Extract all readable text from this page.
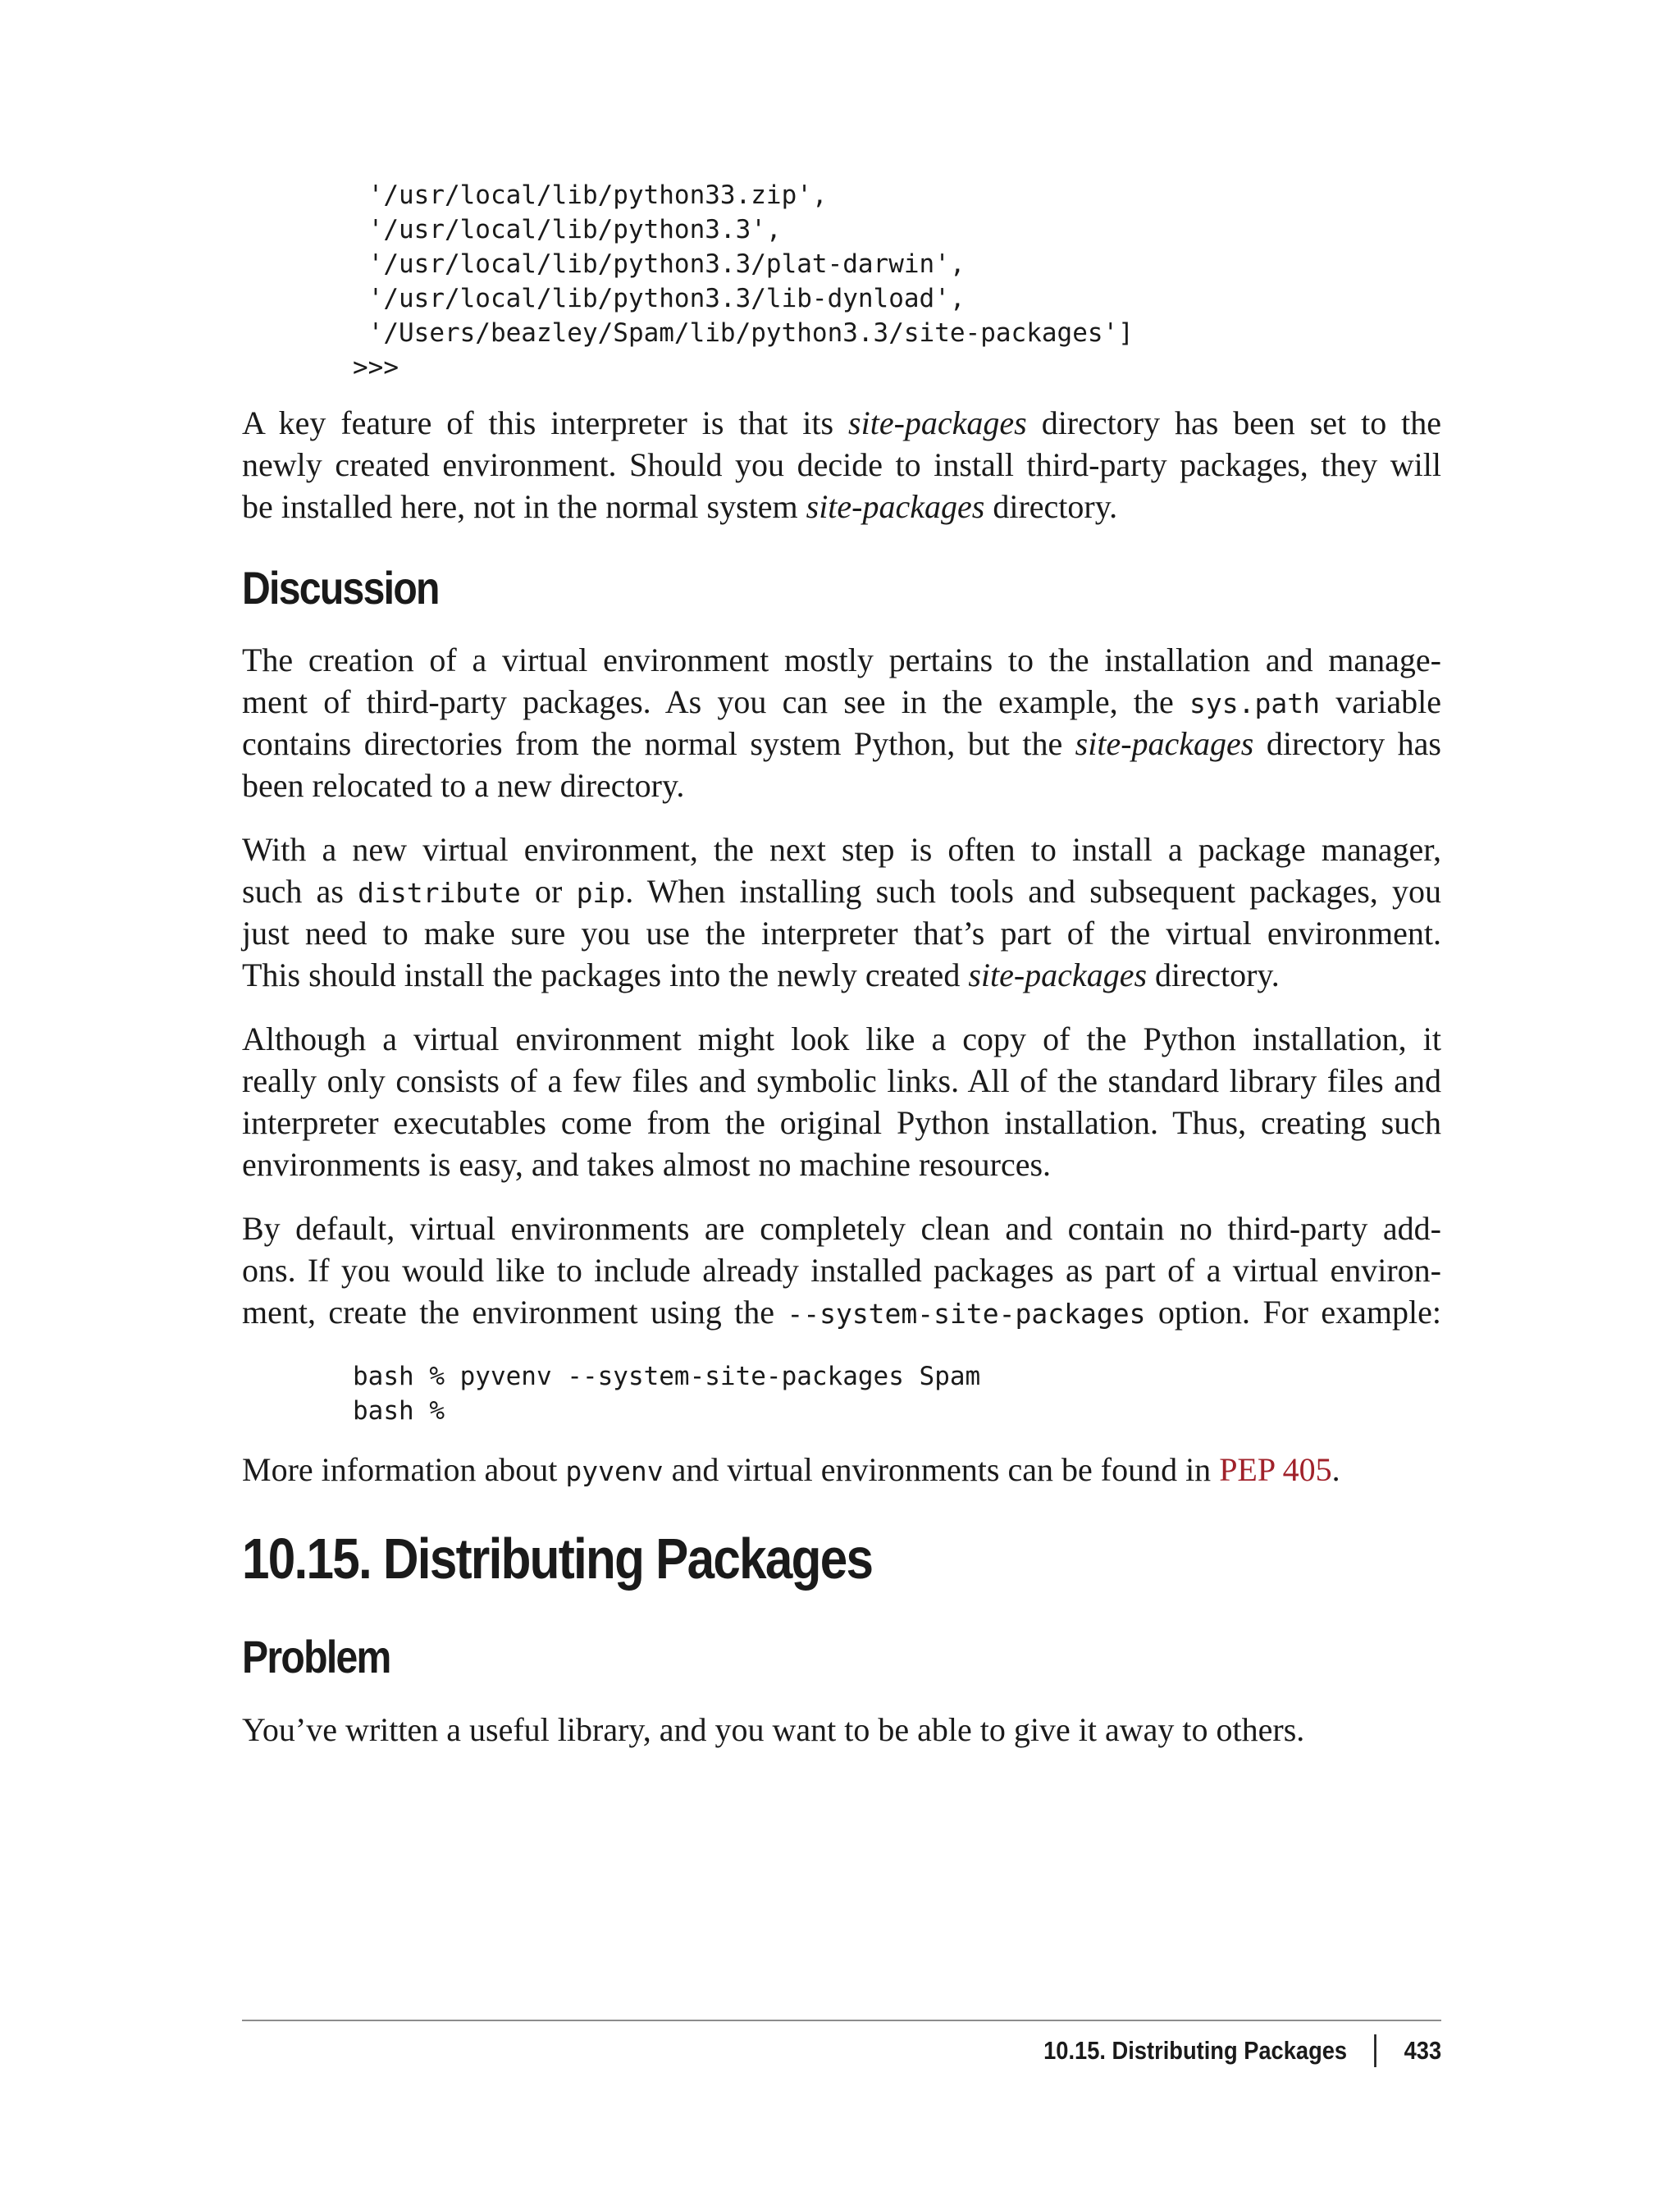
'/usr/local/lib/python33.zip',
'/usr/local/lib/python3.3',
'/usr/local/lib/python3.3/plat-darwin',
'/usr/local/lib/python3.3/lib-dynload',
'/Users/beazley/Spam/lib/python3.3/site-packages']
>>>
A key feature of this interpreter is that its site-packages directory has been set to the
newly created environment. Should you decide to install third-party packages, they will
be installed here, not in the normal system site-packages directory.
Discussion
The creation of a virtual environment mostly pertains to the installation and manage-
ment of third-party packages. As you can see in the example, the sys.path variable
contains directories from the normal system Python, but the site-packages directory has
been relocated to a new directory.
With a new virtual environment, the next step is often to install a package manager,
such as distribute or pip. When installing such tools and subsequent packages, you
just need to make sure you use the interpreter that’s part of the virtual environment.
This should install the packages into the newly created site-packages directory.
Although a virtual environment might look like a copy of the Python installation, it
really only consists of a few files and symbolic links. All of the standard library files and
interpreter executables come from the original Python installation. Thus, creating such
environments is easy, and takes almost no machine resources.
By default, virtual environments are completely clean and contain no third-party add-
ons. If you would like to include already installed packages as part of a virtual environ-
ment, create the environment using the --system-site-packages option. For example:
bash % pyvenv --system-site-packages Spam
bash %
More information about pyvenv and virtual environments can be found in PEP 405.
10.15. Distributing Packages
Problem
You’ve written a useful library, and you want to be able to give it away to others.
10.15. Distributing Packages 433
